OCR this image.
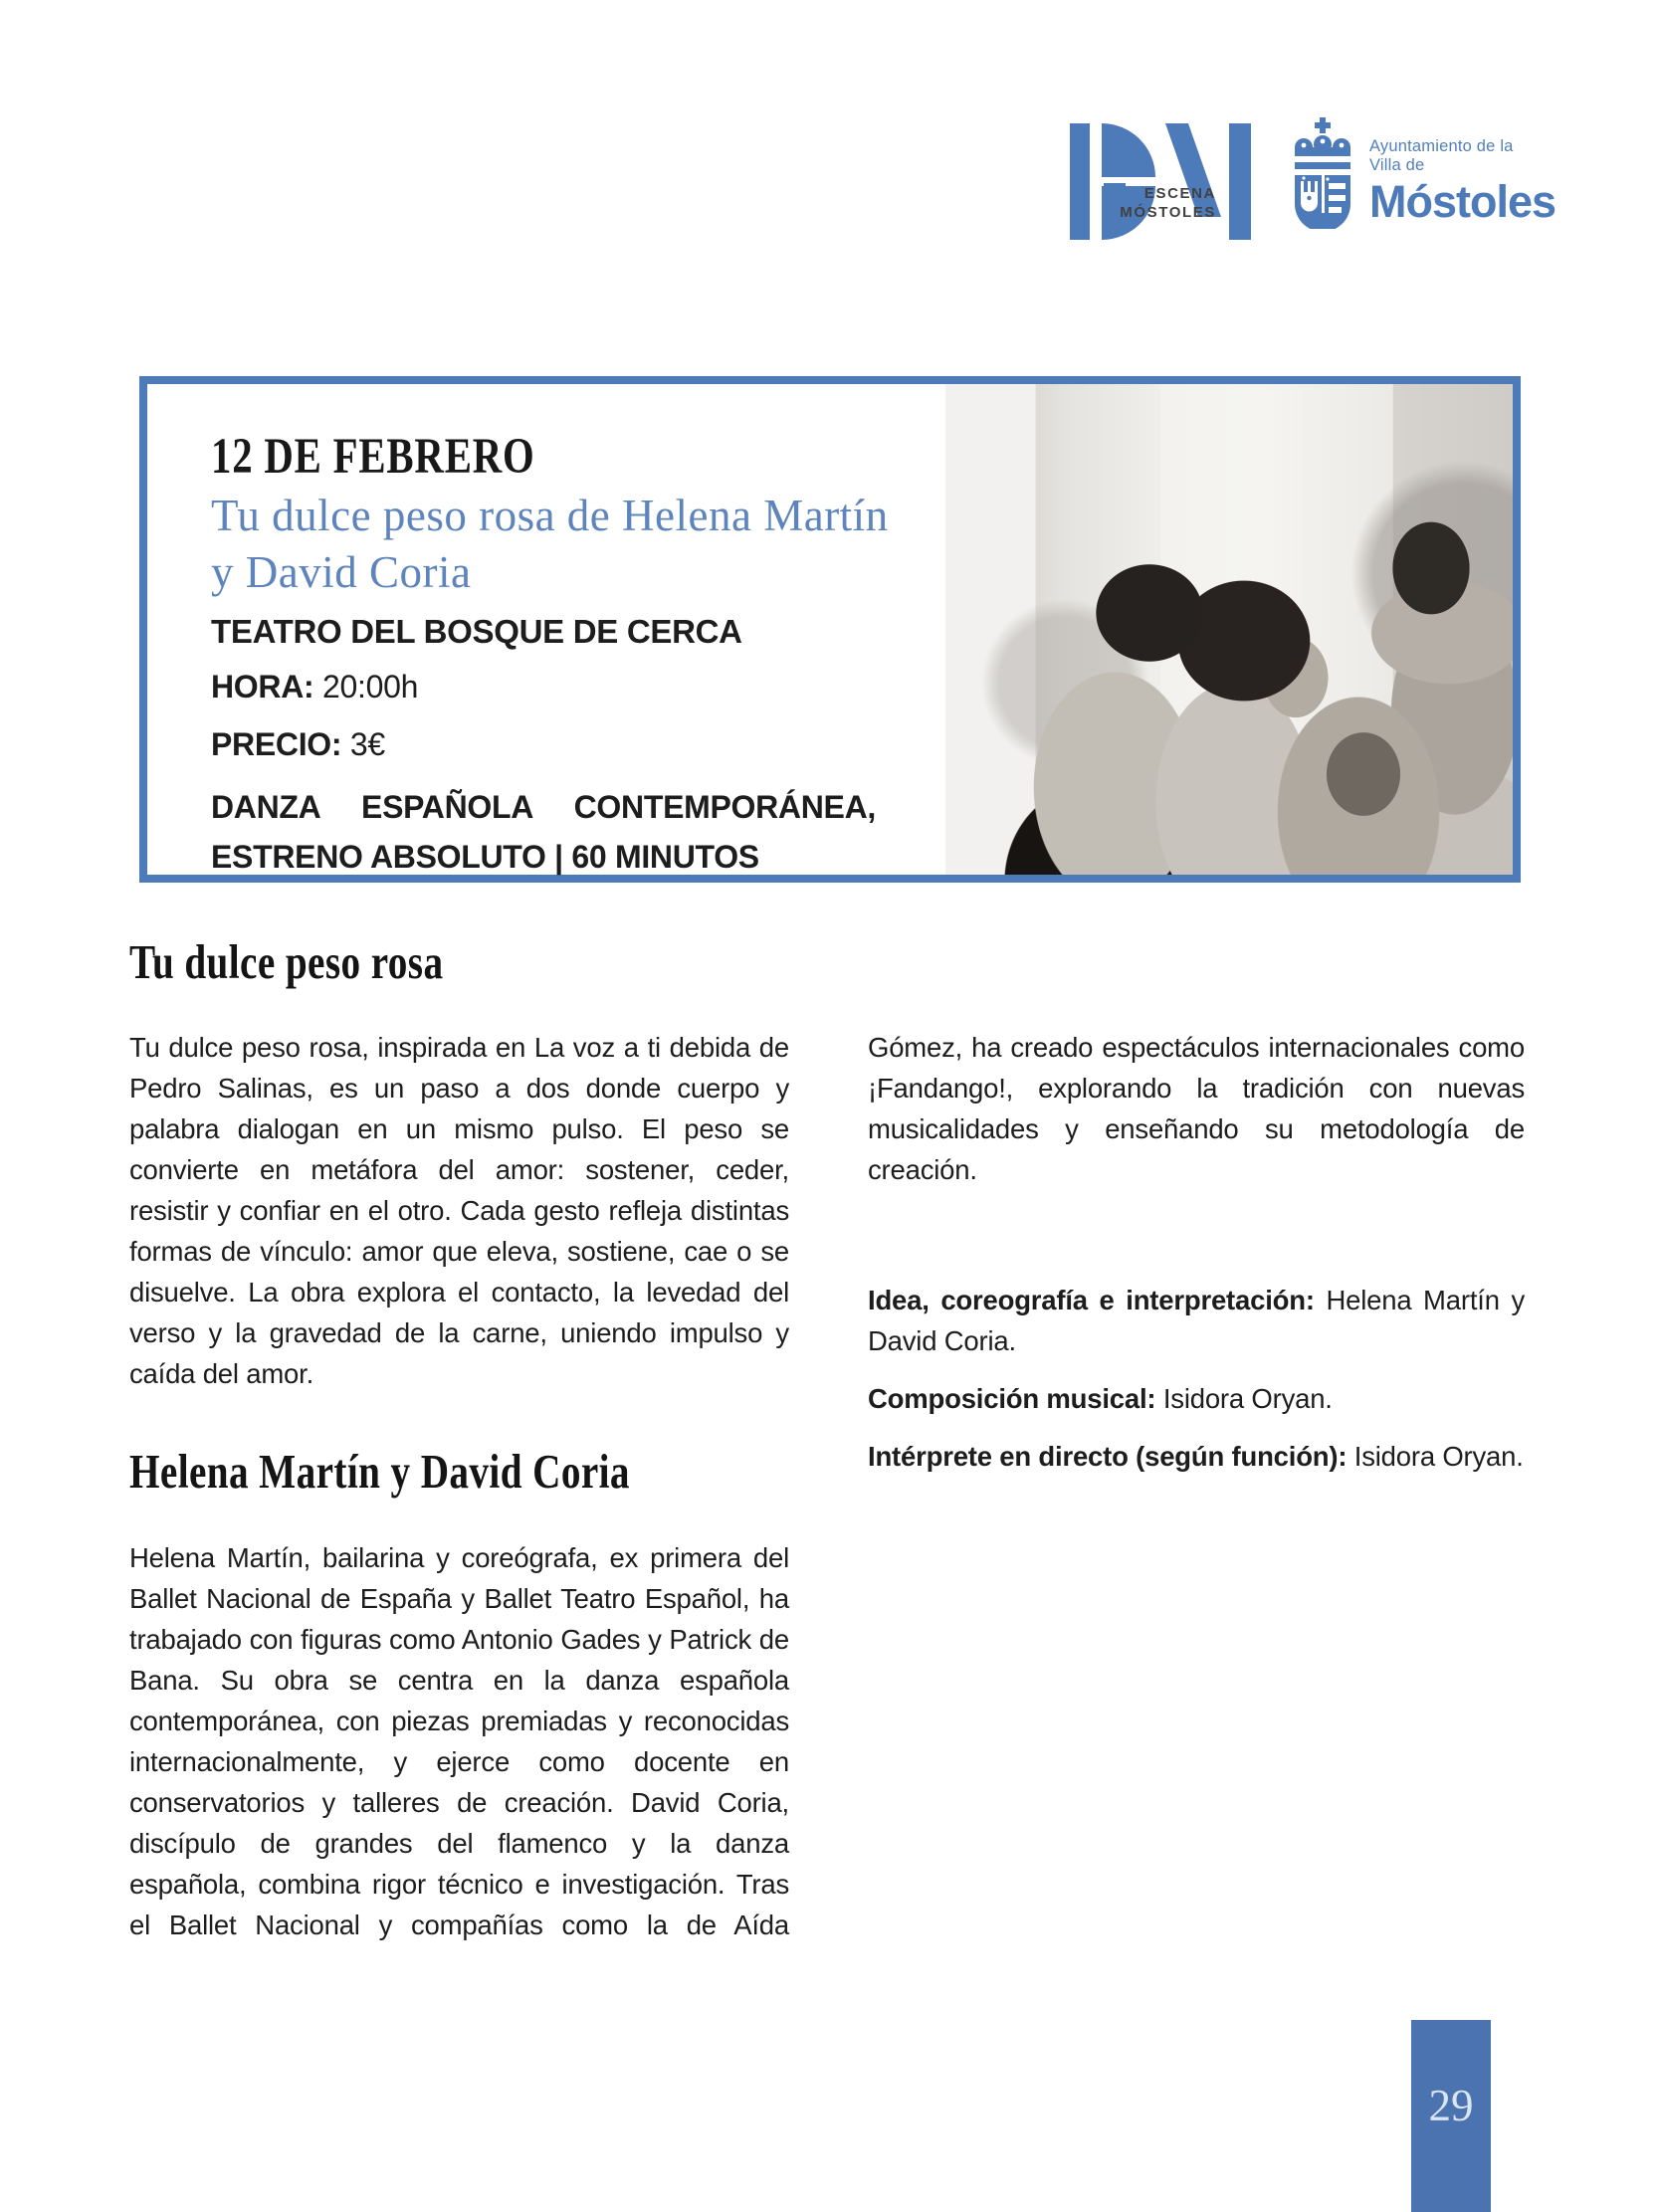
ESCENA
MÓSTOLES
Ayuntamiento de la Villa de
Móstoles
12 DE FEBRERO
Tu dulce peso rosa de Helena Martín y David Coria

TEATRO DEL BOSQUE DE CERCA

HORA: 20:00h

PRECIO: 3€

DANZA ESPAÑOLA CONTEMPORÁNEA, ESTRENO ABSOLUTO | 60 MINUTOS

Tu dulce peso rosa

Tu dulce peso rosa, inspirada en La voz a ti debida de Pedro Salinas, es un paso a dos donde cuerpo y palabra dialogan en un mismo pulso. El peso se convierte en metáfora del amor: sostener, ceder, resistir y confiar en el otro. Cada gesto refleja distintas formas de vínculo: amor que eleva, sostiene, cae o se disuelve. La obra explora el contacto, la levedad del verso y la gravedad de la carne, uniendo impulso y caída del amor.

Helena Martín y David Coria

Helena Martín, bailarina y coreógrafa, ex primera del Ballet Nacional de España y Ballet Teatro Español, ha trabajado con figuras como Antonio Gades y Patrick de Bana. Su obra se centra en la danza española contemporánea, con piezas premiadas y reconocidas internacionalmente, y ejerce como docente en conservatorios y talleres de creación. David Coria, discípulo de grandes del flamenco y la danza española, combina rigor técnico e investigación. Tras el Ballet Nacional y compañías como la de Aída

Gómez, ha creado espectáculos internacionales como ¡Fandango!, explorando la tradición con nuevas musicalidades y enseñando su metodología de creación.

Idea, coreografía e interpretación: Helena Martín y David Coria.

Composición musical: Isidora Oryan.

Intérprete en directo (según función): Isidora Oryan.

29
